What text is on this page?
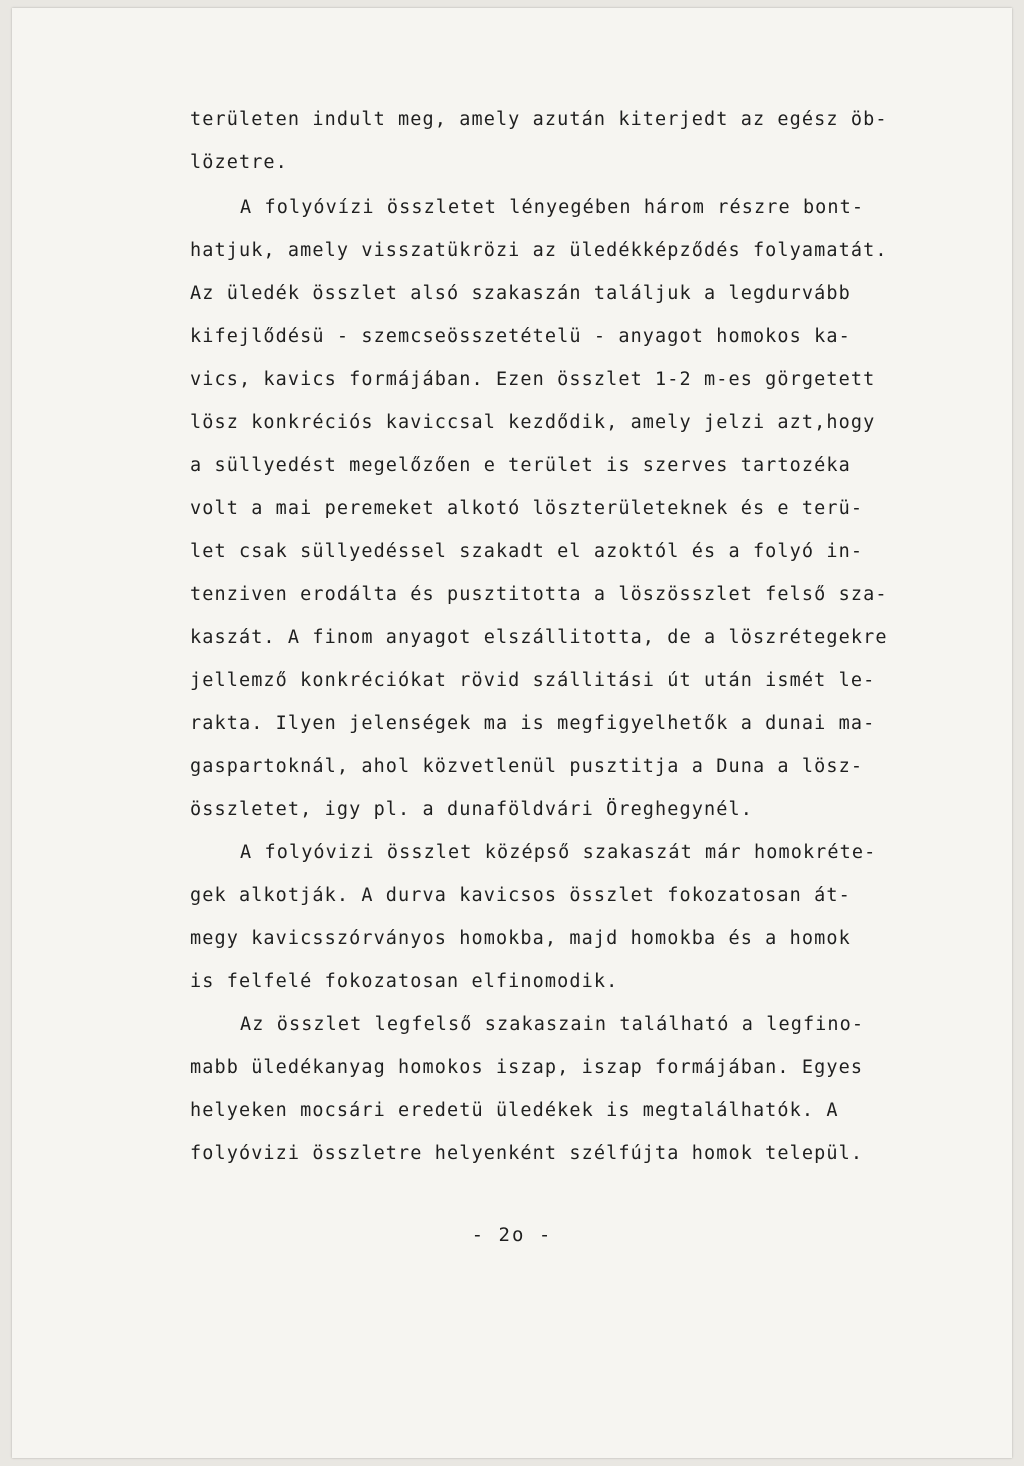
területen indult meg, amely azután kiterjedt az egész öb-
lözetre.
A folyóvízi összletet lényegében három részre bont-
hatjuk, amely visszatükrözi az üledékképződés folyamatát.
Az üledék összlet alsó szakaszán találjuk a legdurvább
kifejlődésü - szemcseösszetételü - anyagot homokos ka-
vics, kavics formájában. Ezen összlet 1-2 m-es görgetett
lösz konkréciós kaviccsal kezdődik, amely jelzi azt,hogy
a süllyedést megelőzően e terület is szerves tartozéka
volt a mai peremeket alkotó löszterületeknek és e terü-
let csak süllyedéssel szakadt el azoktól és a folyó in-
tenziven erodálta és pusztitotta a löszösszlet felső sza-
kaszát. A finom anyagot elszállitotta, de a löszrétegekre
jellemző konkréciókat rövid szállitási út után ismét le-
rakta. Ilyen jelenségek ma is megfigyelhetők a dunai ma-
gaspartoknál, ahol közvetlenül pusztitja a Duna a lösz-
összletet, igy pl. a dunaföldvári Öreghegynél.
A folyóvizi összlet középső szakaszát már homokréte-
gek alkotják. A durva kavicsos összlet fokozatosan át-
megy kavicsszórványos homokba, majd homokba és a homok
is felfelé fokozatosan elfinomodik.
Az összlet legfelső szakaszain található a legfino-
mabb üledékanyag homokos iszap, iszap formájában. Egyes
helyeken mocsári eredetü üledékek is megtalálhatók. A
folyóvizi összletre helyenként szélfújta homok települ.
- 2o -
